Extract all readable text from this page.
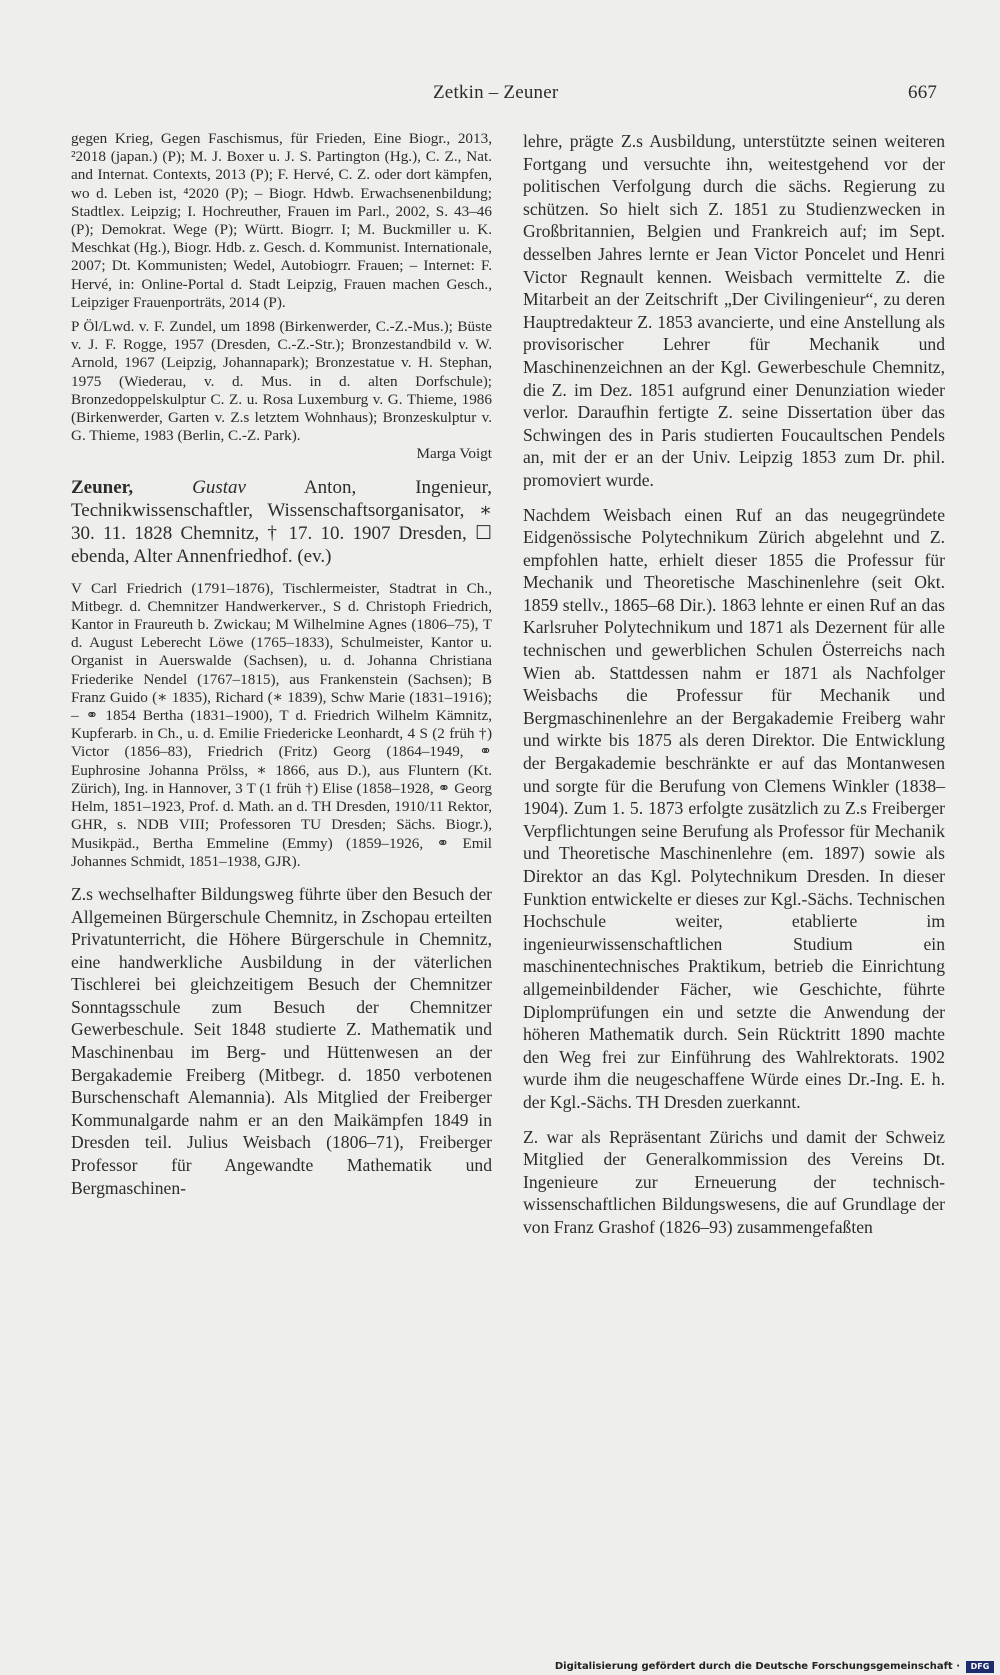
Zetkin – Zeuner	667

gegen Krieg, Gegen Faschismus, für Frieden, Eine Biogr., 2013, ²2018 (japan.) (P); M. J. Boxer u. J. S. Partington (Hg.), C. Z., Nat. and Internat. Contexts, 2013 (P); F. Hervé, C. Z. oder dort kämpfen, wo d. Leben ist, ⁴2020 (P); – Biogr. Hdwb. Erwachsenenbildung; Stadtlex. Leipzig; I. Hochreuther, Frauen im Parl., 2002, S. 43–46 (P); Demokrat. Wege (P); Württ. Biogrr. I; M. Buckmiller u. K. Meschkat (Hg.), Biogr. Hdb. z. Gesch. d. Kommunist. Internationale, 2007; Dt. Kommunisten; Wedel, Autobiogrr. Frauen; – Internet: F. Hervé, in: Online-Portal d. Stadt Leipzig, Frauen machen Gesch., Leipziger Frauenporträts, 2014 (P).

P Öl/Lwd. v. F. Zundel, um 1898 (Birkenwerder, C.-Z.-Mus.); Büste v. J. F. Rogge, 1957 (Dresden, C.-Z.-Str.); Bronzestandbild v. W. Arnold, 1967 (Leipzig, Johannapark); Bronzestatue v. H. Stephan, 1975 (Wiederau, v. d. Mus. in d. alten Dorfschule); Bronzedoppelskulptur C. Z. u. Rosa Luxemburg v. G. Thieme, 1986 (Birkenwerder, Garten v. Z.s letztem Wohnhaus); Bronzeskulptur v. G. Thieme, 1983 (Berlin, C.-Z. Park).

Marga Voigt

Zeuner,	Gustav	Anton, Ingenieur, Technikwissenschaftler, Wissenschaftsorganisator, ∗ 30. 11. 1828 Chemnitz, † 17. 10. 1907 Dresden, ☐ ebenda, Alter Annenfriedhof. (ev.)

V Carl Friedrich (1791–1876), Tischlermeister, Stadtrat in Ch., Mitbegr. d. Chemnitzer Handwerkerver., S d. Christoph Friedrich, Kantor in Fraureuth b. Zwickau; M Wilhelmine Agnes (1806–75), T d. August Leberecht Löwe (1765–1833), Schulmeister, Kantor u. Organist in Auerswalde (Sachsen), u. d. Johanna Christiana Friederike Nendel (1767–1815), aus Frankenstein (Sachsen); B Franz Guido (∗ 1835), Richard (∗ 1839), Schw Marie (1831–1916); – ⚭ 1854 Bertha (1831–1900), T d. Friedrich Wilhelm Kämnitz, Kupferarb. in Ch., u. d. Emilie Friedericke Leonhardt, 4 S (2 früh †) Victor (1856–83), Friedrich (Fritz) Georg (1864–1949, ⚭ Euphrosine Johanna Prölss, ∗ 1866, aus D.), aus Fluntern (Kt. Zürich), Ing. in Hannover, 3 T (1 früh †) Elise (1858–1928, ⚭ Georg Helm, 1851–1923, Prof. d. Math. an d. TH Dresden, 1910/11 Rektor, GHR, s. NDB VIII; Professoren TU Dresden; Sächs. Biogr.), Musikpäd., Bertha Emmeline (Emmy) (1859–1926, ⚭ Emil Johannes Schmidt, 1851–1938, GJR).

Z.s wechselhafter Bildungsweg führte über den Besuch der Allgemeinen Bürgerschule Chemnitz, in Zschopau erteilten Privatunterricht, die Höhere Bürgerschule in Chemnitz, eine handwerkliche Ausbildung in der väterlichen Tischlerei bei gleichzeitigem Besuch der Chemnitzer Sonntagsschule zum Besuch der Chemnitzer Gewerbeschule. Seit 1848 studierte Z. Mathematik und Maschinenbau im Berg- und Hüttenwesen an der Bergakademie Freiberg (Mitbegr. d. 1850 verbotenen Burschenschaft Alemannia). Als Mitglied der Freiberger Kommunalgarde nahm er an den Maikämpfen 1849 in Dresden teil. Julius Weisbach (1806–71), Freiberger Professor für Angewandte Mathematik und Bergmaschinen-

lehre, prägte Z.s Ausbildung, unterstützte seinen weiteren Fortgang und versuchte ihn, weitestgehend vor der politischen Verfolgung durch die sächs. Regierung zu schützen. So hielt sich Z. 1851 zu Studienzwecken in Großbritannien, Belgien und Frankreich auf; im Sept. desselben Jahres lernte er Jean Victor Poncelet und Henri Victor Regnault kennen. Weisbach vermittelte Z. die Mitarbeit an der Zeitschrift „Der Civilingenieur“, zu deren Hauptredakteur Z. 1853 avancierte, und eine Anstellung als provisorischer Lehrer für Mechanik und Maschinenzeichnen an der Kgl. Gewerbeschule Chemnitz, die Z. im Dez. 1851 aufgrund einer Denunziation wieder verlor. Daraufhin fertigte Z. seine Dissertation über das Schwingen des in Paris studierten Foucaultschen Pendels an, mit der er an der Univ. Leipzig 1853 zum Dr. phil. promoviert wurde.

Nachdem Weisbach einen Ruf an das neugegründete Eidgenössische Polytechnikum Zürich abgelehnt und Z. empfohlen hatte, erhielt dieser 1855 die Professur für Mechanik und Theoretische Maschinenlehre (seit Okt. 1859 stellv., 1865–68 Dir.). 1863 lehnte er einen Ruf an das Karlsruher Polytechnikum und 1871 als Dezernent für alle technischen und gewerblichen Schulen Österreichs nach Wien ab. Stattdessen nahm er 1871 als Nachfolger Weisbachs die Professur für Mechanik und Bergmaschinenlehre an der Bergakademie Freiberg wahr und wirkte bis 1875 als deren Direktor. Die Entwicklung der Bergakademie beschränkte er auf das Montanwesen und sorgte für die Berufung von Clemens Winkler (1838–1904). Zum 1. 5. 1873 erfolgte zusätzlich zu Z.s Freiberger Verpflichtungen seine Berufung als Professor für Mechanik und Theoretische Maschinenlehre (em. 1897) sowie als Direktor an das Kgl. Polytechnikum Dresden. In dieser Funktion entwickelte er dieses zur Kgl.-Sächs. Technischen Hochschule weiter, etablierte im ingenieurwissenschaftlichen Studium ein maschinentechnisches Praktikum, betrieb die Einrichtung allgemeinbildender Fächer, wie Geschichte, führte Diplomprüfungen ein und setzte die Anwendung der höheren Mathematik durch. Sein Rücktritt 1890 machte den Weg frei zur Einführung des Wahlrektorats. 1902 wurde ihm die neugeschaffene Würde eines Dr.-Ing. E. h. der Kgl.-Sächs. TH Dresden zuerkannt.

Z. war als Repräsentant Zürichs und damit der Schweiz Mitglied der Generalkommission des Vereins Dt. Ingenieure zur Erneuerung der technisch-wissenschaftlichen Bildungswesens, die auf Grundlage der von Franz Grashof (1826–93) zusammengefaßten

Digitalisierung gefördert durch die Deutsche Forschungsgemeinschaft ·	DFG
